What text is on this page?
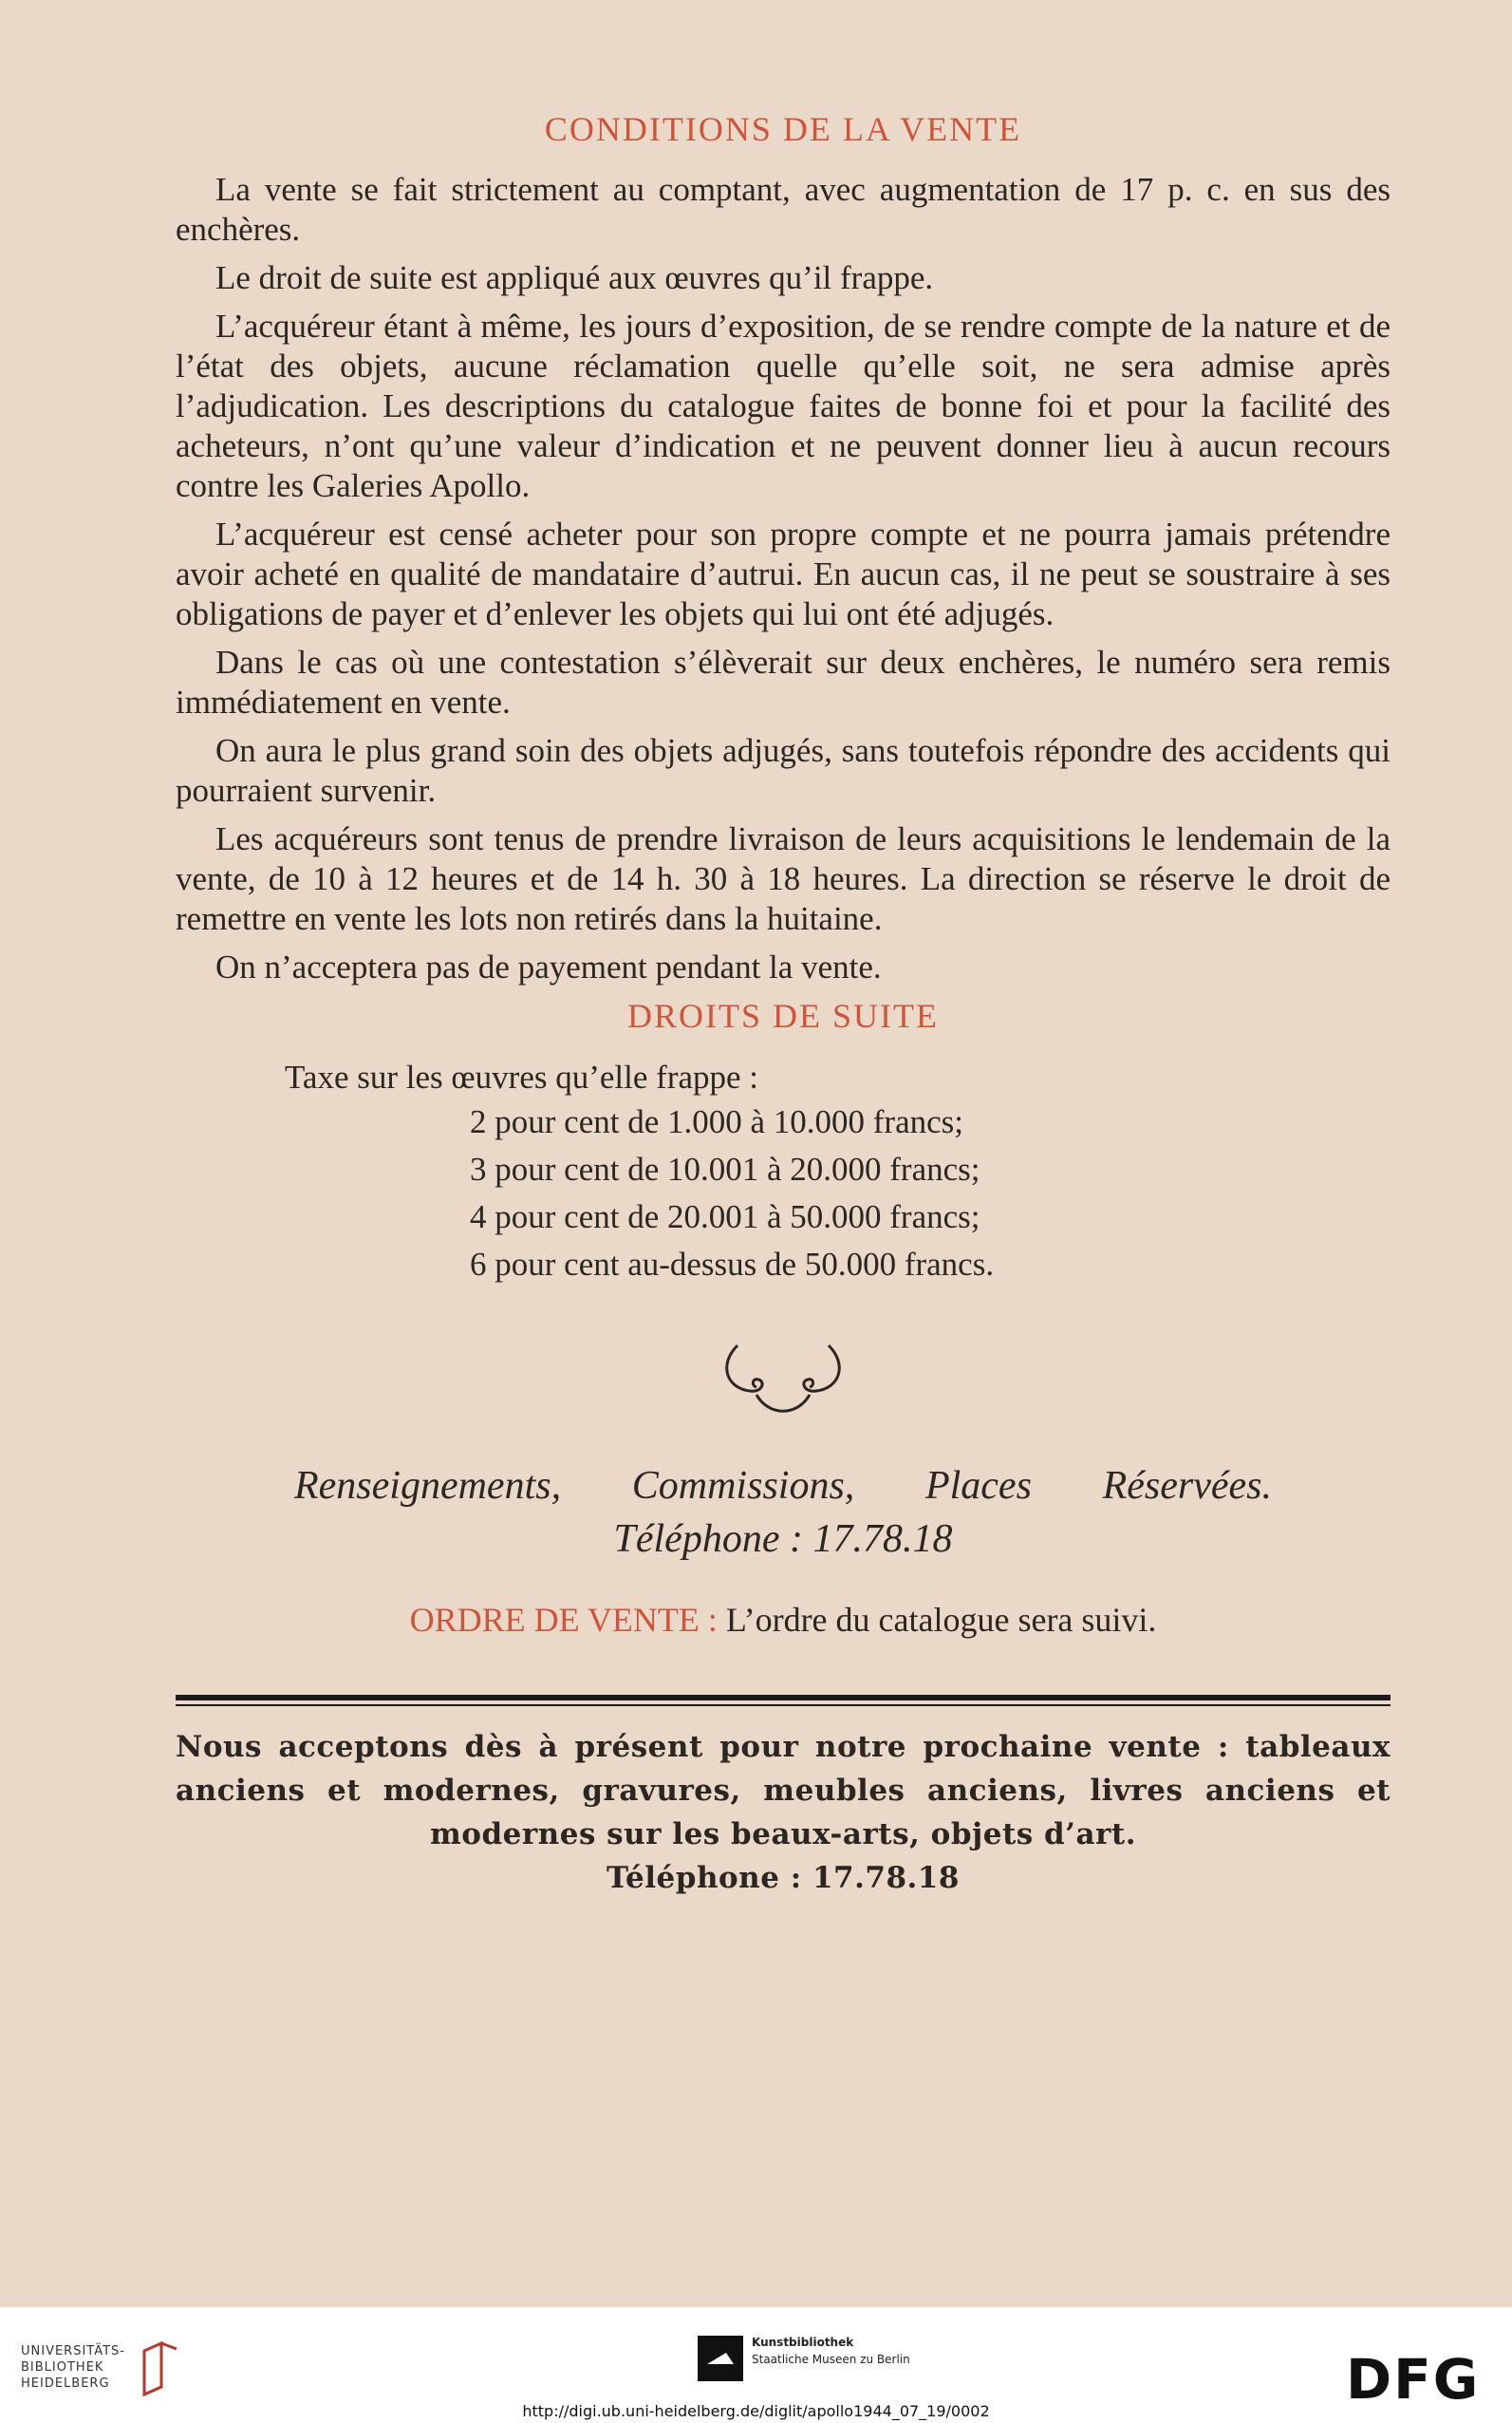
CONDITIONS DE LA VENTE

La vente se fait strictement au comptant, avec augmentation de 17 p. c. en sus des enchères.

Le droit de suite est appliqué aux œuvres qu’il frappe.

L’acquéreur étant à même, les jours d’exposition, de se rendre compte de la nature et de l’état des objets, aucune réclamation quelle qu’elle soit, ne sera admise après l’adjudication. Les descriptions du catalogue faites de bonne foi et pour la facilité des acheteurs, n’ont qu’une valeur d’indication et ne peuvent donner lieu à aucun recours contre les Galeries Apollo.

L’acquéreur est censé acheter pour son propre compte et ne pourra jamais prétendre avoir acheté en qualité de mandataire d’autrui. En aucun cas, il ne peut se soustraire à ses obligations de payer et d’enlever les objets qui lui ont été adjugés.

Dans le cas où une contestation s’élèverait sur deux enchères, le numéro sera remis immédiatement en vente.

On aura le plus grand soin des objets adjugés, sans toutefois répondre des accidents qui pourraient survenir.

Les acquéreurs sont tenus de prendre livraison de leurs acquisitions le lendemain de la vente, de 10 à 12 heures et de 14 h. 30 à 18 heures. La direction se réserve le droit de remettre en vente les lots non retirés dans la huitaine.

On n’acceptera pas de payement pendant la vente.

DROITS DE SUITE
Taxe sur les œuvres qu’elle frappe :
2 pour cent de 1.000 à 10.000 francs;
3 pour cent de 10.001 à 20.000 francs;
4 pour cent de 20.001 à 50.000 francs;
6 pour cent au-dessus de 50.000 francs.
Renseignements, Commissions, Places Réservées.
Téléphone : 17.78.18
ORDRE DE VENTE : L’ordre du catalogue sera suivi.
Nous acceptons dès à présent pour notre prochaine vente : tableaux anciens et modernes, gravures, meubles anciens, livres anciens et modernes sur les beaux-arts, objets d’art.
Téléphone : 17.78.18
UNIVERSITÄTS-
BIBLIOTHEK
HEIDELBERG
Kunstbibliothek
Staatliche Museen zu Berlin	DFG
http://digi.ub.uni-heidelberg.de/diglit/apollo1944_07_19/0002
